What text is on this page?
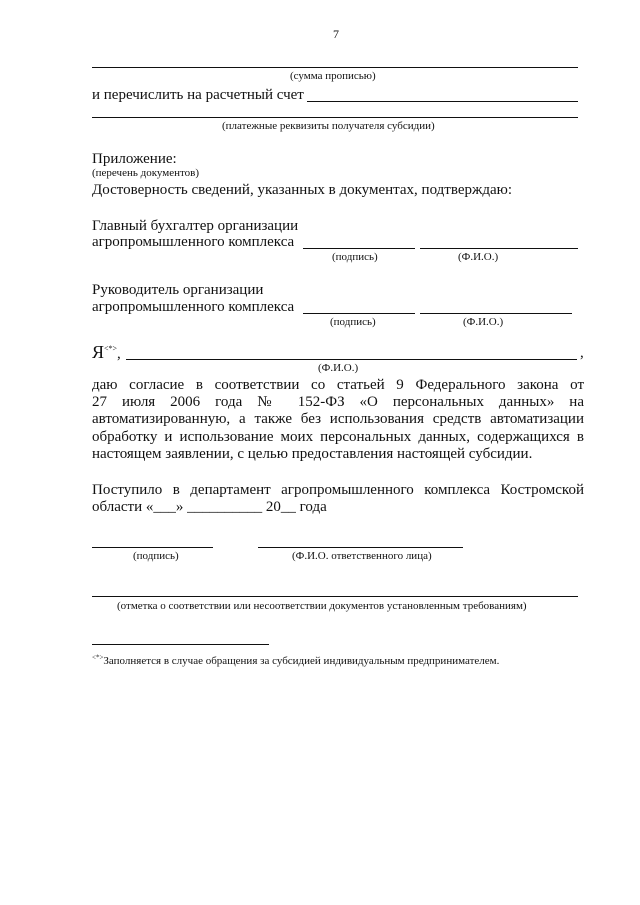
7
(сумма прописью)
и перечислить на расчетный счет
(платежные реквизиты получателя субсидии)
Приложение:
(перечень документов)
Достоверность сведений, указанных в документах, подтверждаю:
Главный бухгалтер организации
агропромышленного комплекса
(подпись)	(Ф.И.О.)
Руководитель организации
агропромышленного комплекса
(подпись)	(Ф.И.О.)
Я<*>,	,
(Ф.И.О.)
даю согласие в соответствии со статьей 9 Федерального закона от
27 июля 2006 года № 152-ФЗ «О персональных данных» на
автоматизированную, а также без использования средств автоматизации
обработку и использование моих персональных данных, содержащихся в
настоящем заявлении, с целью предоставления настоящей субсидии.
Поступило в департамент агропромышленного комплекса Костромской
области «___» __________ 20__ года
(подпись)	(Ф.И.О. ответственного лица)
(отметка о соответствии или несоответствии документов установленным требованиям)
<*>Заполняется в случае обращения за субсидией индивидуальным предпринимателем.
